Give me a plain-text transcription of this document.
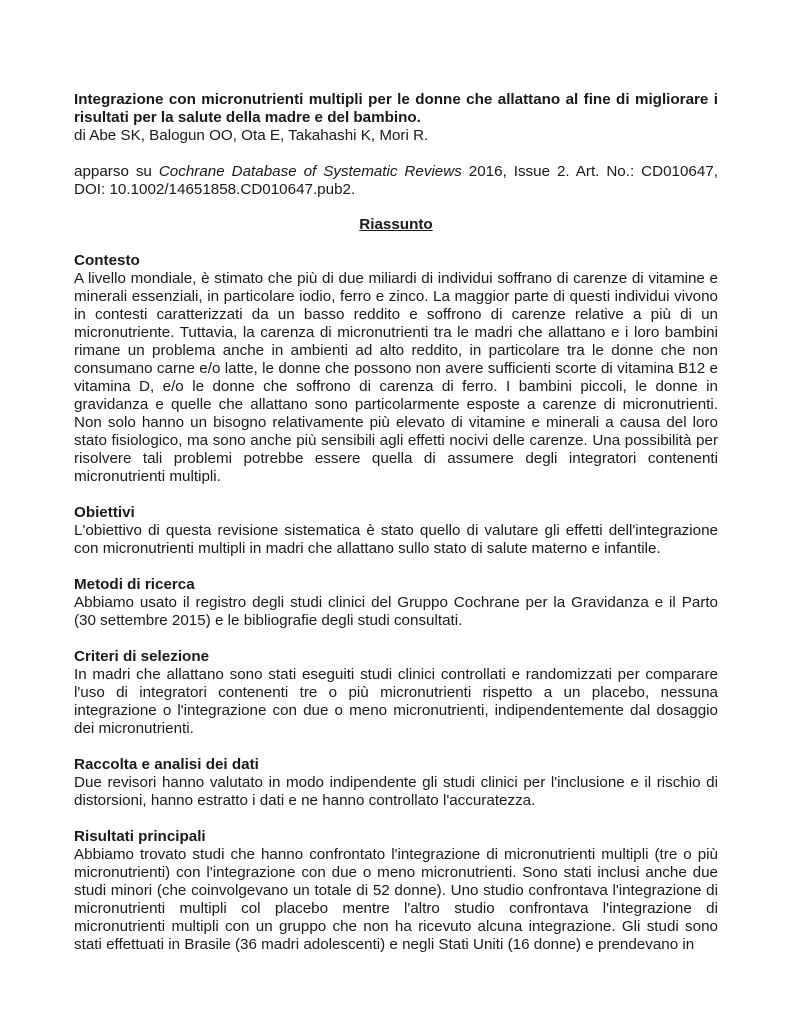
Integrazione con micronutrienti multipli per le donne che allattano al fine di migliorare i risultati per la salute della madre e del bambino.

di Abe SK, Balogun OO, Ota E, Takahashi K, Mori R.

apparso su Cochrane Database of Systematic Reviews 2016, Issue 2. Art. No.: CD010647, DOI: 10.1002/14651858.CD010647.pub2.

Riassunto
Contesto

A livello mondiale, è stimato che più di due miliardi di individui soffrano di carenze di vitamine e minerali essenziali, in particolare iodio, ferro e zinco. La maggior parte di questi individui vivono in contesti caratterizzati da un basso reddito e soffrono di carenze relative a più di un micronutriente. Tuttavia, la carenza di micronutrienti tra le madri che allattano e i loro bambini rimane un problema anche in ambienti ad alto reddito, in particolare tra le donne che non consumano carne e/o latte, le donne che possono non avere sufficienti scorte di vitamina B12 e vitamina D, e/o le donne che soffrono di carenza di ferro. I bambini piccoli, le donne in gravidanza e quelle che allattano sono particolarmente esposte a carenze di micronutrienti. Non solo hanno un bisogno relativamente più elevato di vitamine e minerali a causa del loro stato fisiologico, ma sono anche più sensibili agli effetti nocivi delle carenze. Una possibilità per risolvere tali problemi potrebbe essere quella di assumere degli integratori contenenti micronutrienti multipli.

Obiettivi

L'obiettivo di questa revisione sistematica è stato quello di valutare gli effetti dell'integrazione con micronutrienti multipli in madri che allattano sullo stato di salute materno e infantile.

Metodi di ricerca

Abbiamo usato il registro degli studi clinici del Gruppo Cochrane per la Gravidanza e il Parto (30 settembre 2015) e le bibliografie degli studi consultati.

Criteri di selezione

In madri che allattano sono stati eseguiti studi clinici controllati e randomizzati per comparare l'uso di integratori contenenti tre o più micronutrienti rispetto a un placebo, nessuna integrazione o l'integrazione con due o meno micronutrienti, indipendentemente dal dosaggio dei micronutrienti.

Raccolta e analisi dei dati

Due revisori hanno valutato in modo indipendente gli studi clinici per l'inclusione e il rischio di distorsioni, hanno estratto i dati e ne hanno controllato l'accuratezza.

Risultati principali

Abbiamo trovato studi che hanno confrontato l'integrazione di micronutrienti multipli (tre o più micronutrienti) con l'integrazione con due o meno micronutrienti. Sono stati inclusi anche due studi minori (che coinvolgevano un totale di 52 donne). Uno studio confrontava l'integrazione di micronutrienti multipli col placebo mentre l'altro studio confrontava l'integrazione di micronutrienti multipli con un gruppo che non ha ricevuto alcuna integrazione. Gli studi sono stati effettuati in Brasile (36 madri adolescenti) e negli Stati Uniti (16 donne) e prendevano in
